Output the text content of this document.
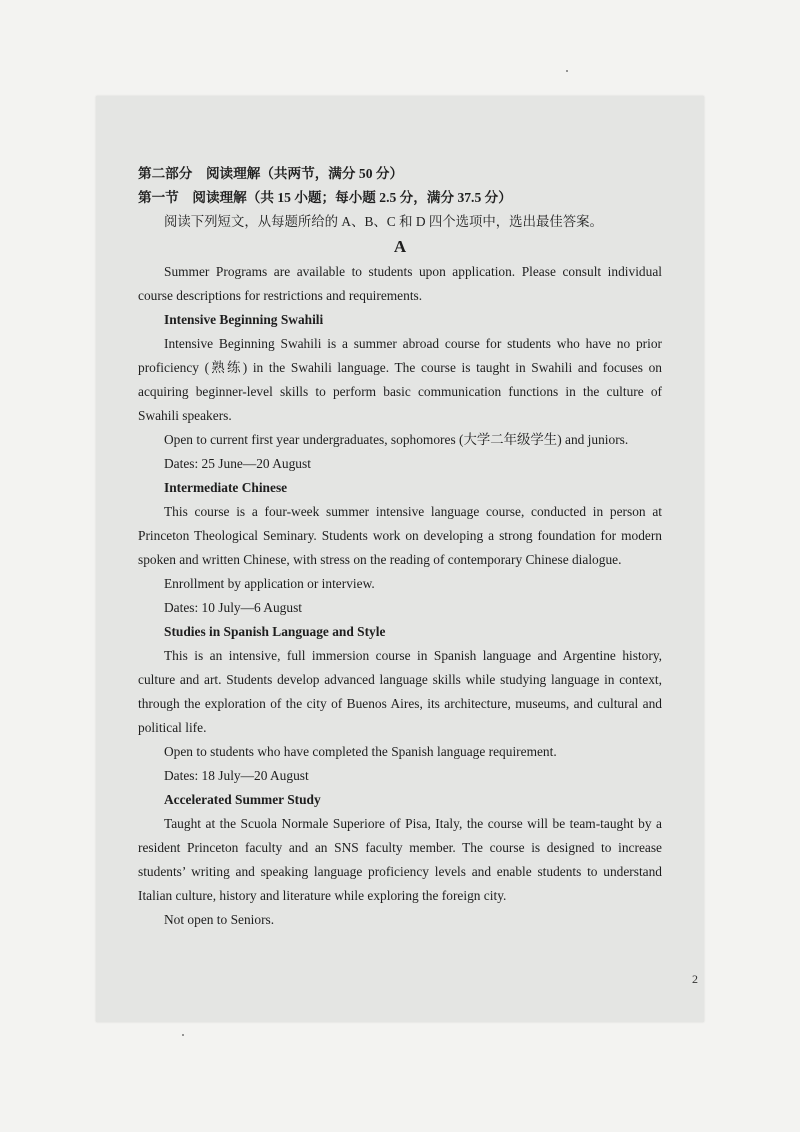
第二部分　阅读理解（共两节，满分 50 分）

第一节　阅读理解（共 15 小题；每小题 2.5 分，满分 37.5 分）

阅读下列短文，从每题所给的 A、B、C 和 D 四个选项中，选出最佳答案。

A

Summer Programs are available to students upon application. Please consult individual course descriptions for restrictions and requirements.

Intensive Beginning Swahili

Intensive Beginning Swahili is a summer abroad course for students who have no prior proficiency (熟练) in the Swahili language. The course is taught in Swahili and focuses on acquiring beginner-level skills to perform basic communication functions in the culture of Swahili speakers.

Open to current first year undergraduates, sophomores (大学二年级学生) and juniors.

Dates: 25 June—20 August

Intermediate Chinese

This course is a four-week summer intensive language course, conducted in person at Princeton Theological Seminary. Students work on developing a strong foundation for modern spoken and written Chinese, with stress on the reading of contemporary Chinese dialogue.

Enrollment by application or interview.

Dates: 10 July—6 August

Studies in Spanish Language and Style

This is an intensive, full immersion course in Spanish language and Argentine history, culture and art. Students develop advanced language skills while studying language in context, through the exploration of the city of Buenos Aires, its architecture, museums, and cultural and political life.

Open to students who have completed the Spanish language requirement.

Dates: 18 July—20 August

Accelerated Summer Study

Taught at the Scuola Normale Superiore of Pisa, Italy, the course will be team-taught by a resident Princeton faculty and an SNS faculty member. The course is designed to increase students’ writing and speaking language proficiency levels and enable students to understand Italian culture, history and literature while exploring the foreign city.

Not open to Seniors.

2
